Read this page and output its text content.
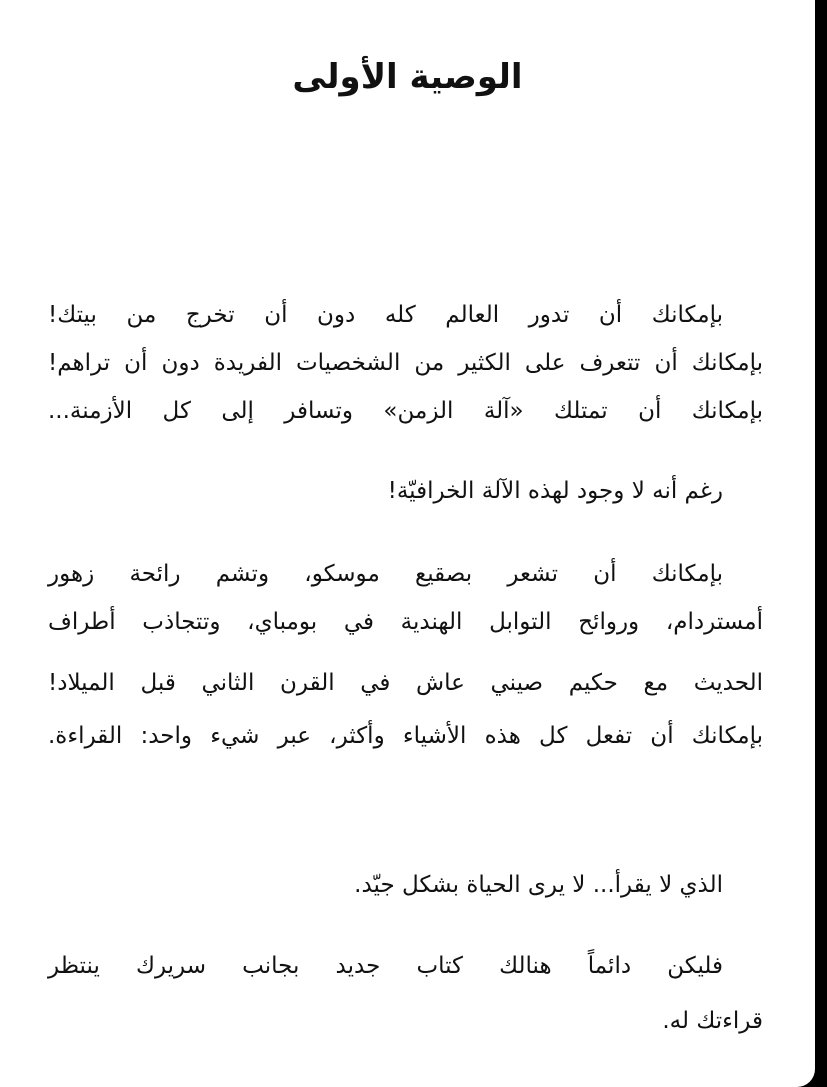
الوصية الأولى

بإمكانك أن تدور العالم كله دون أن تخرج من بيتك!

بإمكانك أن تتعرف على الكثير من الشخصيات الفريدة دون أن تراهم!

بإمكانك أن تمتلك «آلة الزمن» وتسافر إلى كل الأزمنة...

رغم أنه لا وجود لهذه الآلة الخرافيّة!

بإمكانك أن تشعر بصقيع موسكو، وتشم رائحة زهور

أمستردام، وروائح التوابل الهندية في بومباي، وتتجاذب أطراف

الحديث مع حكيم صيني عاش في القرن الثاني قبل الميلاد!

بإمكانك أن تفعل كل هذه الأشياء وأكثر، عبر شيء واحد: القراءة.

الذي لا يقرأ... لا يرى الحياة بشكل جيّد.

فليكن دائماً هنالك كتاب جديد بجانب سريرك ينتظر

قراءتك له.
